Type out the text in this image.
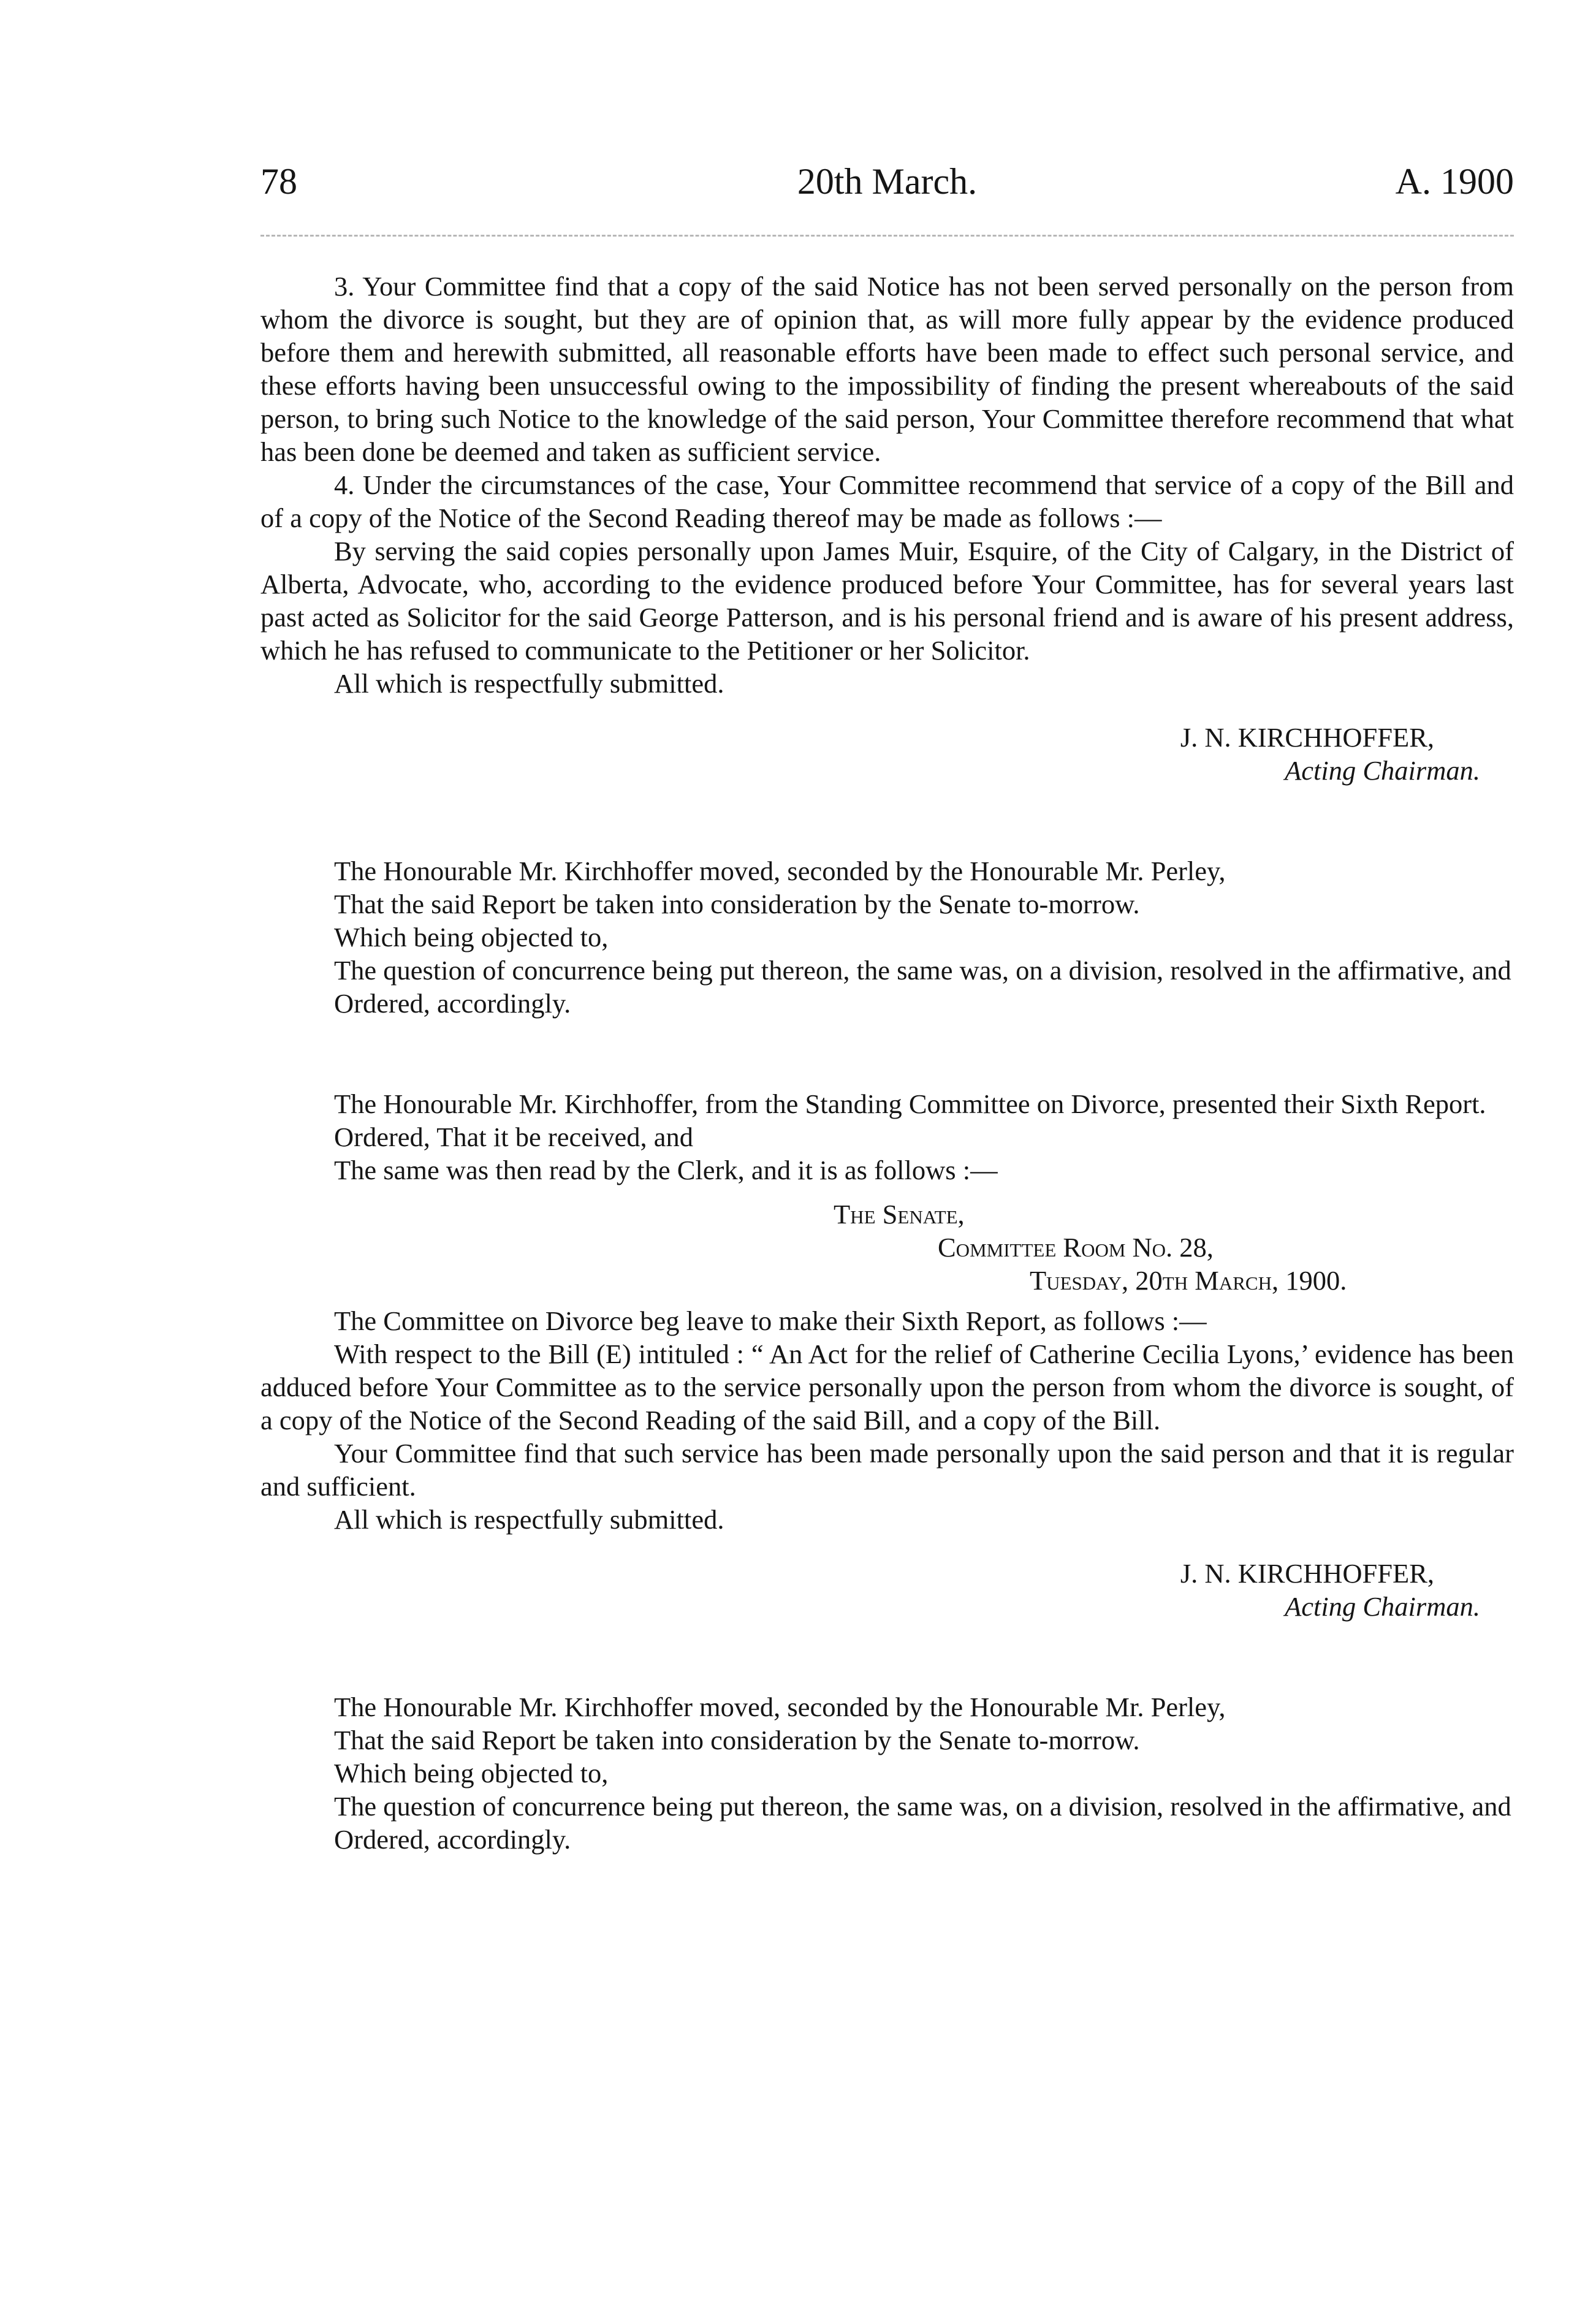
78	20th March.	A. 1900

3. Your Committee find that a copy of the said Notice has not been served personally on the person from whom the divorce is sought, but they are of opinion that, as will more fully appear by the evidence produced before them and herewith submitted, all reasonable efforts have been made to effect such personal service, and these efforts having been unsuccessful owing to the impossibility of finding the present whereabouts of the said person, to bring such Notice to the knowledge of the said person, Your Committee therefore recommend that what has been done be deemed and taken as sufficient service.

4. Under the circumstances of the case, Your Committee recommend that service of a copy of the Bill and of a copy of the Notice of the Second Reading thereof may be made as follows :—

By serving the said copies personally upon James Muir, Esquire, of the City of Calgary, in the District of Alberta, Advocate, who, according to the evidence produced before Your Committee, has for several years last past acted as Solicitor for the said George Patterson, and is his personal friend and is aware of his present address, which he has refused to communicate to the Petitioner or her Solicitor.

All which is respectfully submitted.

J. N. KIRCHHOFFER,
Acting Chairman.

The Honourable Mr. Kirchhoffer moved, seconded by the Honourable Mr. Perley,

That the said Report be taken into consideration by the Senate to-morrow.

Which being objected to,

The question of concurrence being put thereon, the same was, on a division, resolved in the affirmative, and

Ordered, accordingly.

The Honourable Mr. Kirchhoffer, from the Standing Committee on Divorce, presented their Sixth Report.

Ordered, That it be received, and

The same was then read by the Clerk, and it is as follows :—

The Senate,
Committee Room No. 28,
Tuesday, 20th March, 1900.

The Committee on Divorce beg leave to make their Sixth Report, as follows :—

With respect to the Bill (E) intituled : “ An Act for the relief of Catherine Cecilia Lyons,’ evidence has been adduced before Your Committee as to the service personally upon the person from whom the divorce is sought, of a copy of the Notice of the Second Reading of the said Bill, and a copy of the Bill.

Your Committee find that such service has been made personally upon the said person and that it is regular and sufficient.

All which is respectfully submitted.

J. N. KIRCHHOFFER,
Acting Chairman.

The Honourable Mr. Kirchhoffer moved, seconded by the Honourable Mr. Perley,

That the said Report be taken into consideration by the Senate to-morrow.

Which being objected to,

The question of concurrence being put thereon, the same was, on a division, resolved in the affirmative, and

Ordered, accordingly.
